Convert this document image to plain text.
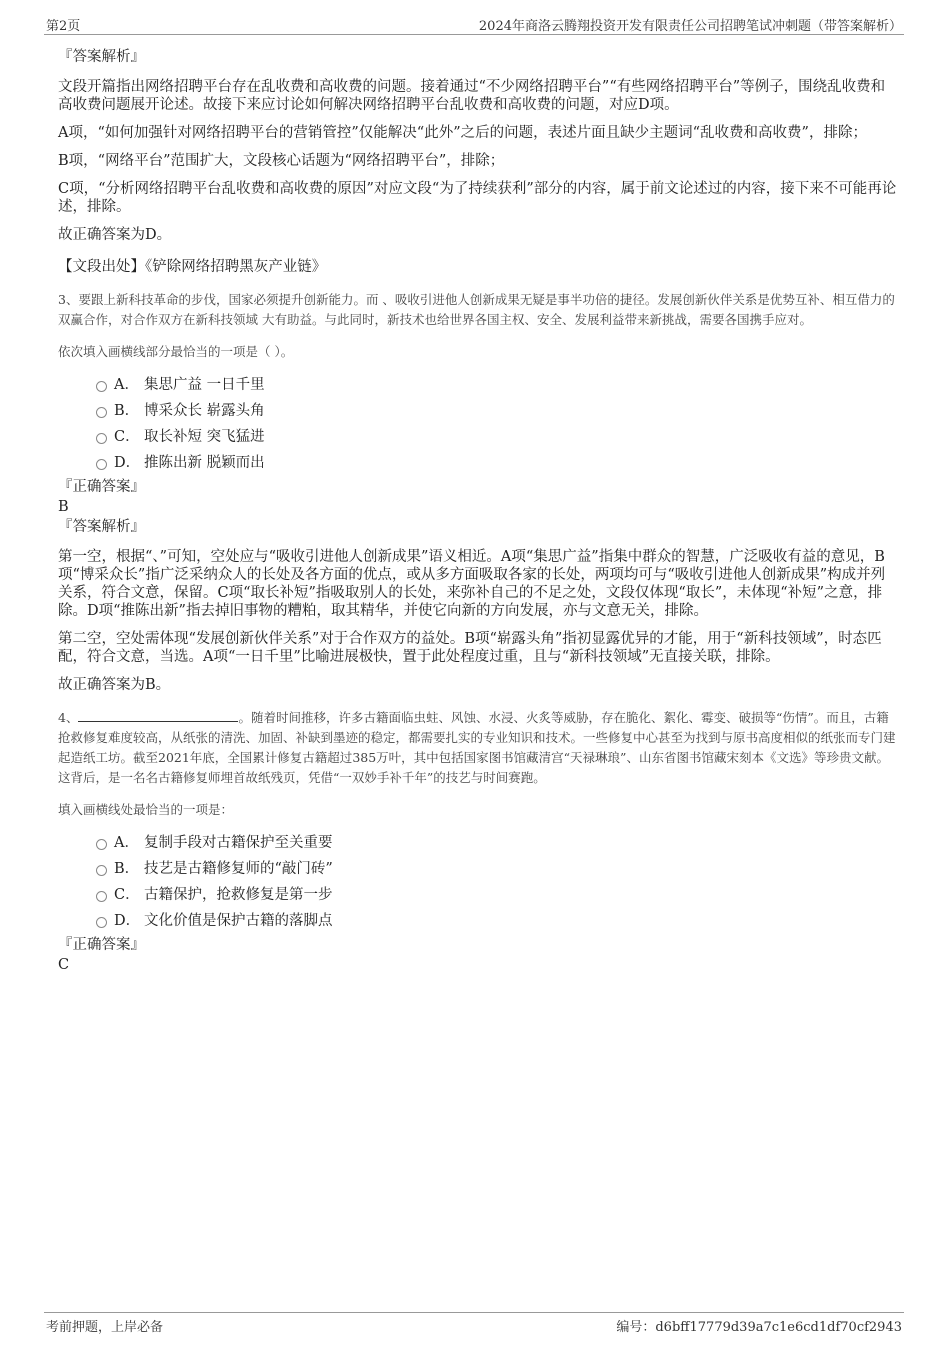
第2页	2024年商洛云腾翔投资开发有限责任公司招聘笔试冲刺题（带答案解析）

『答案解析』

文段开篇指出网络招聘平台存在乱收费和高收费的问题。接着通过“不少网络招聘平台”“有些网络招聘平台”等例子，围绕乱收费和高收费问题展开论述。故接下来应讨论如何解决网络招聘平台乱收费和高收费的问题，对应D项。

A项，“如何加强针对网络招聘平台的营销管控”仅能解决“此外”之后的问题，表述片面且缺少主题词“乱收费和高收费”，排除；

B项，“网络平台”范围扩大，文段核心话题为“网络招聘平台”，排除；

C项，“分析网络招聘平台乱收费和高收费的原因”对应文段“为了持续获利”部分的内容，属于前文论述过的内容，接下来不可能再论述，排除。

故正确答案为D。

【文段出处】《铲除网络招聘黑灰产业链》

3、要跟上新科技革命的步伐，国家必须提升创新能力。而 、吸收引进他人创新成果无疑是事半功倍的捷径。发展创新伙伴关系是优势互补、相互借力的双赢合作，对合作双方在新科技领域 大有助益。与此同时，新技术也给世界各国主权、安全、发展利益带来新挑战，需要各国携手应对。

依次填入画横线部分最恰当的一项是（ ）。

A． 集思广益 一日千里
B． 博采众长 崭露头角
C． 取长补短 突飞猛进
D． 推陈出新 脱颖而出

『正确答案』

B

『答案解析』

第一空，根据“、”可知，空处应与“吸收引进他人创新成果”语义相近。A项“集思广益”指集中群众的智慧，广泛吸收有益的意见，B项“博采众长”指广泛采纳众人的长处及各方面的优点，或从多方面吸取各家的长处，两项均可与“吸收引进他人创新成果”构成并列关系，符合文意，保留。C项“取长补短”指吸取别人的长处，来弥补自己的不足之处，文段仅体现“取长”，未体现“补短”之意，排除。D项“推陈出新”指去掉旧事物的糟粕，取其精华，并使它向新的方向发展，亦与文意无关，排除。

第二空，空处需体现“发展创新伙伴关系”对于合作双方的益处。B项“崭露头角”指初显露优异的才能，用于“新科技领域”，时态匹配，符合文意，当选。A项“一日千里”比喻进展极快，置于此处程度过重，且与“新科技领域”无直接关联，排除。

故正确答案为B。

4、	。随着时间推移，许多古籍面临虫蛀、风蚀、水浸、火炙等威胁，存在脆化、絮化、霉变、破损等“伤情”。而且，古籍抢救修复难度较高，从纸张的清洗、加固、补缺到墨迹的稳定，都需要扎实的专业知识和技术。一些修复中心甚至为找到与原书高度相似的纸张而专门建起造纸工坊。截至2021年底，全国累计修复古籍超过385万叶，其中包括国家图书馆藏清宫“天禄琳琅”、山东省图书馆藏宋刻本《文选》等珍贵文献。这背后，是一名名古籍修复师埋首故纸残页，凭借“一双妙手补千年”的技艺与时间赛跑。

填入画横线处最恰当的一项是：

A． 复制手段对古籍保护至关重要
B． 技艺是古籍修复师的“敲门砖”
C． 古籍保护，抢救修复是第一步
D． 文化价值是保护古籍的落脚点

『正确答案』

C

考前押题，上岸必备	编号：d6bff17779d39a7c1e6cd1df70cf2943
